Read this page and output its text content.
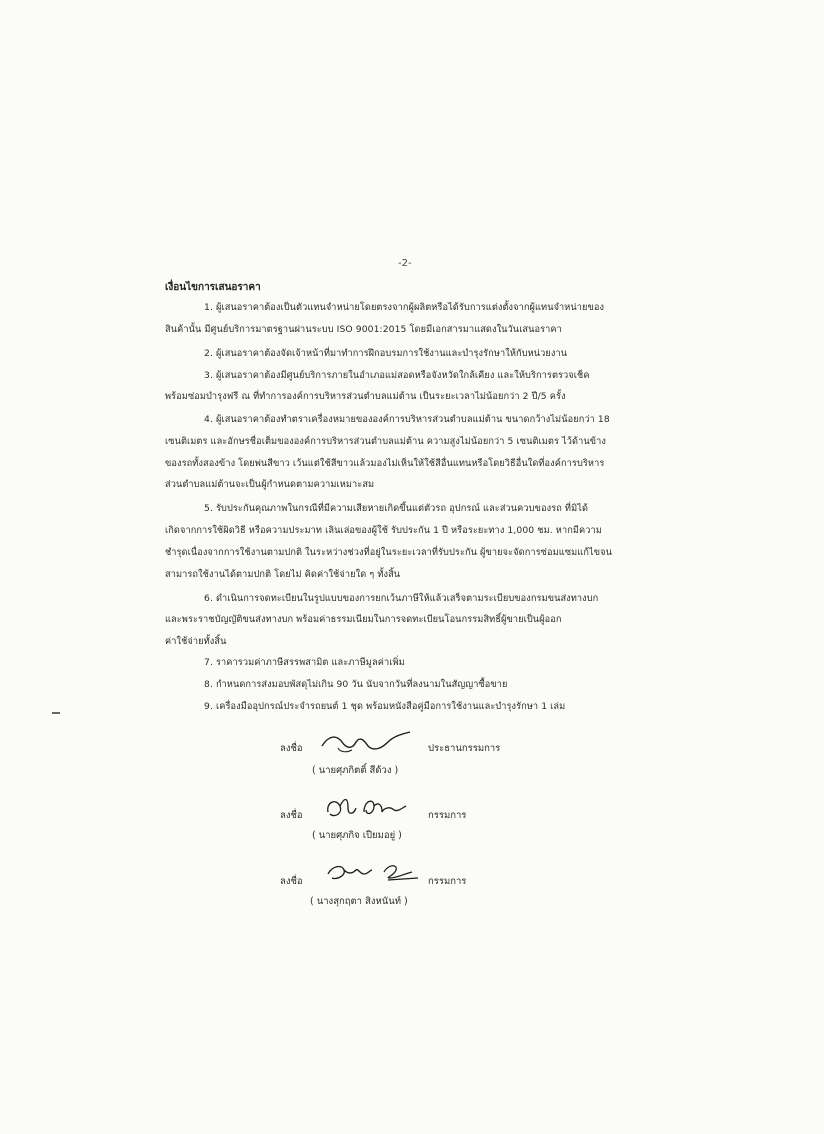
-2-
เงื่อนไขการเสนอราคา
1. ผู้เสนอราคาต้องเป็นตัวแทนจำหน่ายโดยตรงจากผู้ผลิตหรือได้รับการแต่งตั้งจากผู้แทนจำหน่ายของ
สินค้านั้น มีศูนย์บริการมาตรฐานผ่านระบบ ISO 9001:2015 โดยมีเอกสารมาแสดงในวันเสนอราคา
2. ผู้เสนอราคาต้องจัดเจ้าหน้าที่มาทำการฝึกอบรมการใช้งานและบำรุงรักษาให้กับหน่วยงาน
3. ผู้เสนอราคาต้องมีศูนย์บริการภายในอำเภอแม่สอดหรือจังหวัดใกล้เคียง และให้บริการตรวจเช็ค
พร้อมซ่อมบำรุงฟรี ณ ที่ทำการองค์การบริหารส่วนตำบลแม่ต้าน เป็นระยะเวลาไม่น้อยกว่า 2 ปี/5 ครั้ง
4. ผู้เสนอราคาต้องทำตราเครื่องหมายขององค์การบริหารส่วนตำบลแม่ต้าน ขนาดกว้างไม่น้อยกว่า 18
เซนติเมตร และอักษรชื่อเต็มขององค์การบริหารส่วนตำบลแม่ต้าน ความสูงไม่น้อยกว่า 5 เซนติเมตร ไว้ด้านข้าง
ของรถทั้งสองข้าง โดยพ่นสีขาว เว้นแต่ใช้สีขาวแล้วมองไม่เห็นให้ใช้สีอื่นแทนหรือโดยวิธีอื่นใดที่องค์การบริหาร
ส่วนตำบลแม่ต้านจะเป็นผู้กำหนดตามความเหมาะสม
5. รับประกันคุณภาพในกรณีที่มีความเสียหายเกิดขึ้นแต่ตัวรถ อุปกรณ์ และส่วนควบของรถ ที่มิได้
เกิดจากการใช้ผิดวิธี หรือความประมาท เลินเล่อของผู้ใช้ รับประกัน 1 ปี หรือระยะทาง 1,000 ชม. หากมีความ
ชำรุดเนื่องจากการใช้งานตามปกติ ในระหว่างช่วงที่อยู่ในระยะเวลาที่รับประกัน ผู้ขายจะจัดการซ่อมแซมแก้ไขจน
สามารถใช้งานได้ตามปกติ โดยไม่ คิดค่าใช้จ่ายใด ๆ ทั้งสิ้น
6. ดำเนินการจดทะเบียนในรูปแบบของการยกเว้นภาษีให้แล้วเสร็จตามระเบียบของกรมขนส่งทางบก
และพระราชบัญญัติขนส่งทางบก พร้อมค่าธรรมเนียมในการจดทะเบียนโอนกรรมสิทธิ์ผู้ขายเป็นผู้ออก
ค่าใช้จ่ายทั้งสิ้น
7. ราคารวมค่าภาษีสรรพสามิต และภาษีมูลค่าเพิ่ม
8. กำหนดการส่งมอบพัสดุไม่เกิน 90 วัน นับจากวันที่ลงนามในสัญญาซื้อขาย
9. เครื่องมืออุปกรณ์ประจำรถยนต์ 1 ชุด พร้อมหนังสือคู่มือการใช้งานและบำรุงรักษา 1 เล่ม
ลงชื่อ	ประธานกรรมการ
( นายศุภกิตติ์ สีด้วง )
ลงชื่อ	กรรมการ
( นายศุภกิจ เปียมอยู่ )
ลงชื่อ	กรรมการ
( นางสุกฤตา สิงหนันท์ )
